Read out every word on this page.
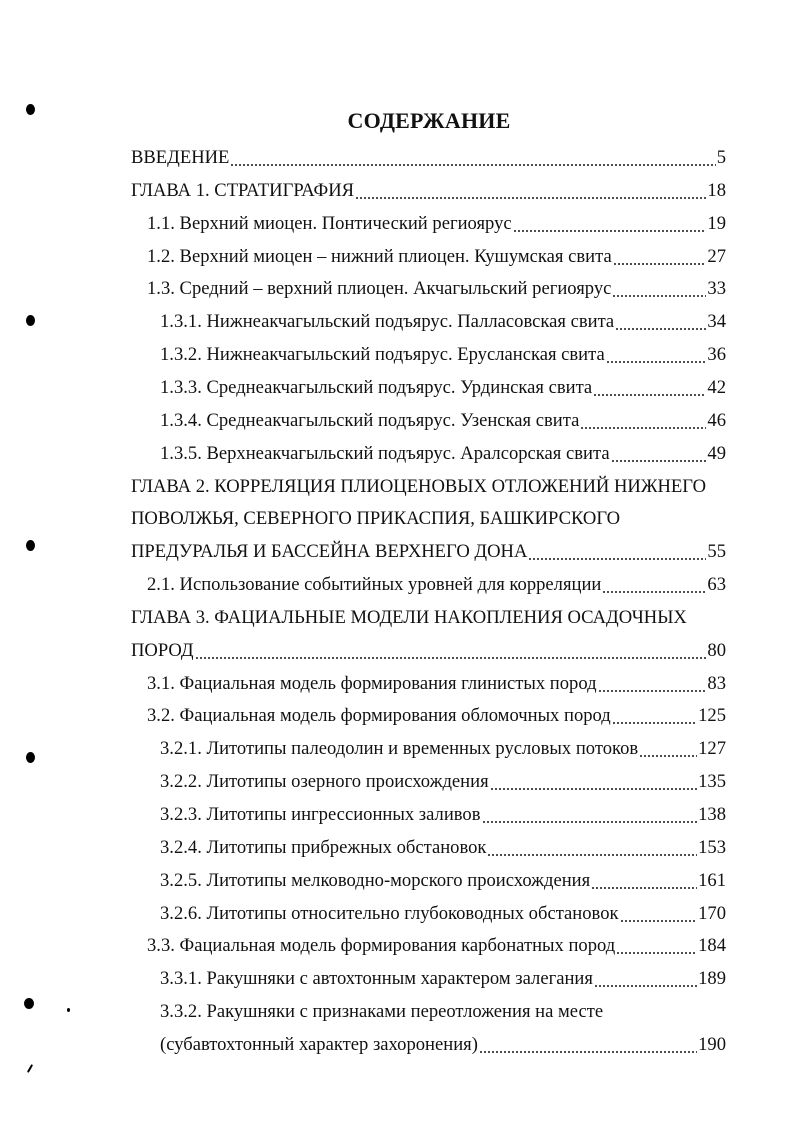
СОДЕРЖАНИЕ
ВВЕДЕНИЕ	5
ГЛАВА 1. СТРАТИГРАФИЯ	18
1.1. Верхний миоцен. Понтический региоярус	19
1.2. Верхний миоцен – нижний плиоцен. Кушумская свита	27
1.3. Средний – верхний плиоцен. Акчагыльский региоярус	33
1.3.1. Нижнеакчагыльский подъярус. Палласовская свита	34
1.3.2. Нижнеакчагыльский подъярус. Еруcланская свита	36
1.3.3. Среднеакчагыльский подъярус. Урдинская свита	42
1.3.4. Среднеакчагыльский подъярус. Узенская свита	46
1.3.5. Верхнеакчагыльский подъярус. Аралсорская свита	49
ГЛАВА 2. КОРРЕЛЯЦИЯ ПЛИОЦЕНОВЫХ ОТЛОЖЕНИЙ НИЖНЕГО
ПОВОЛЖЬЯ, СЕВЕРНОГО ПРИКАСПИЯ, БАШКИРСКОГО
ПРЕДУРАЛЬЯ И БАССЕЙНА ВЕРХНЕГО ДОНА	55
2.1. Использование событийных уровней для корреляции	63
ГЛАВА 3. ФАЦИАЛЬНЫЕ МОДЕЛИ НАКОПЛЕНИЯ ОСАДОЧНЫХ
ПОРОД	80
3.1. Фациальная модель формирования глинистых пород	83
3.2. Фациальная модель формирования обломочных пород	125
3.2.1. Литотипы палеодолин и временных русловых потоков	127
3.2.2. Литотипы озерного происхождения	135
3.2.3. Литотипы ингрессионных заливов	138
3.2.4. Литотипы прибрежных обстановок	153
3.2.5. Литотипы мелководно-морского происхождения	161
3.2.6. Литотипы относительно глубоководных обстановок	170
3.3. Фациальная модель формирования карбонатных пород	184
3.3.1. Ракушняки с автохтонным характером залегания	189
3.3.2. Ракушняки с признаками переотложения на месте
(субавтохтонный характер захоронения)	190
